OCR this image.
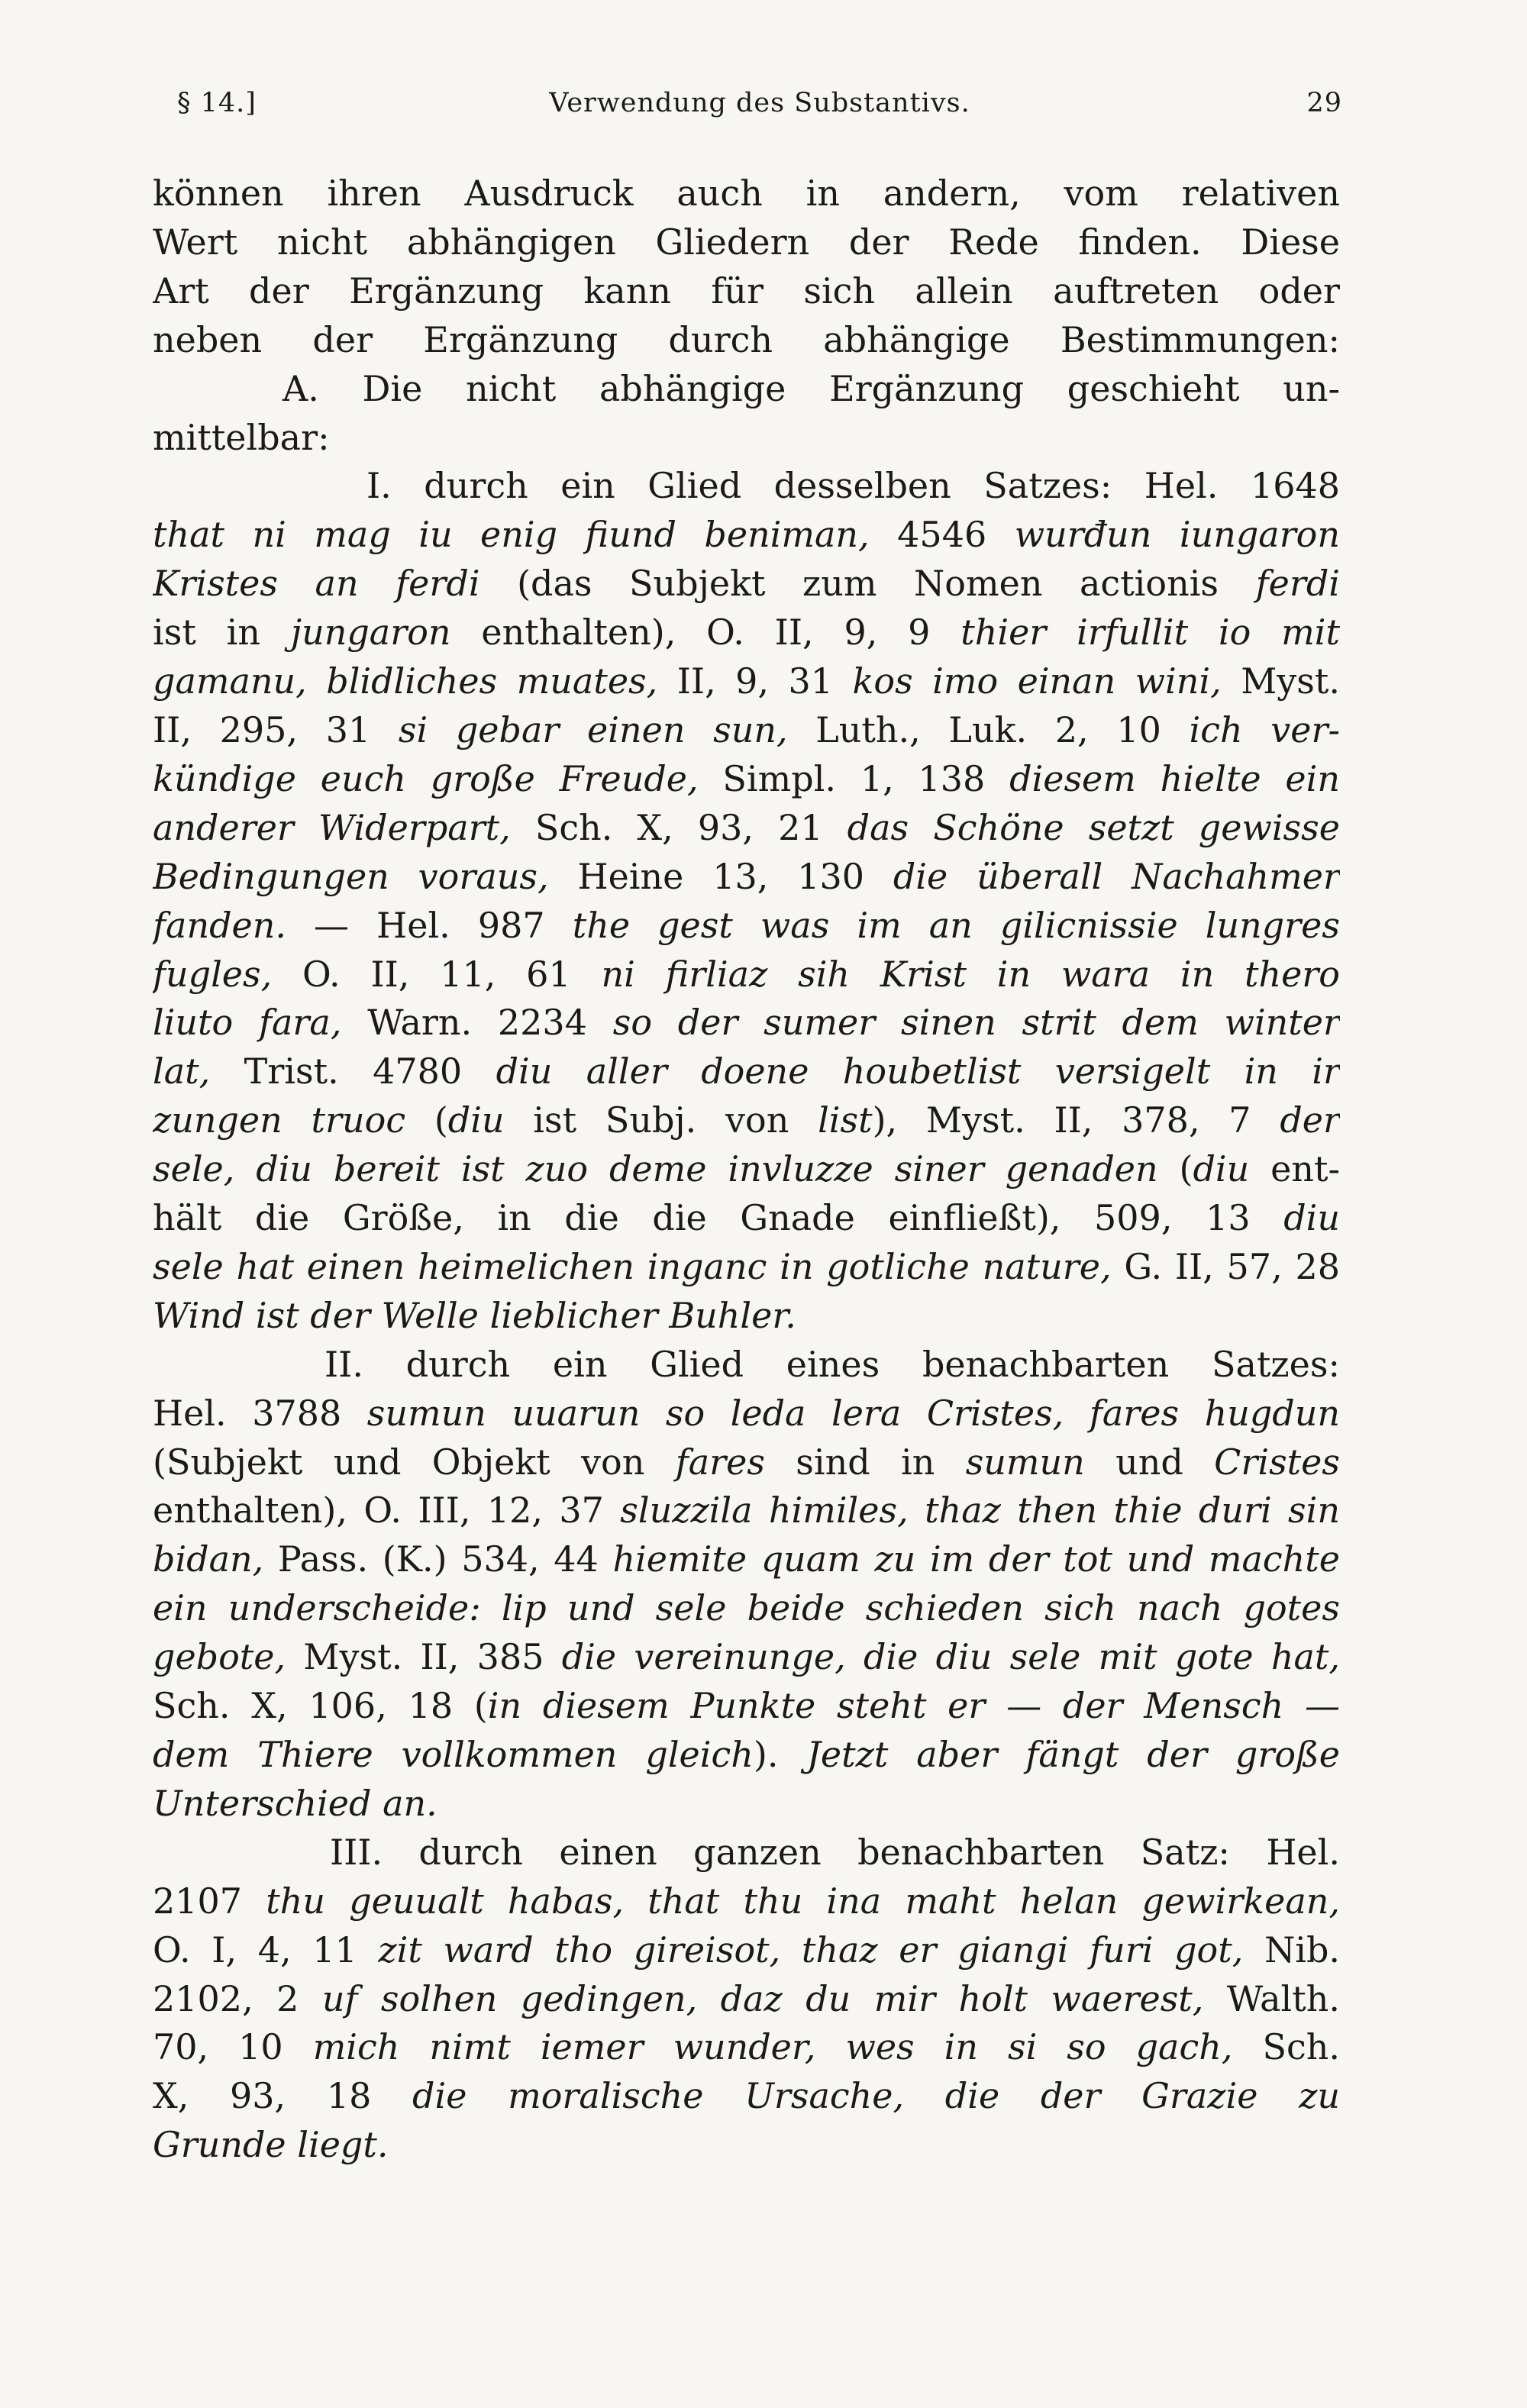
§ 14.]	Verwendung des Substantivs.	29
können ihren Ausdruck auch in andern, vom relativen
Wert nicht abhängigen Gliedern der Rede finden. Diese
Art der Ergänzung kann für sich allein auftreten oder
neben der Ergänzung durch abhängige Bestimmungen:
A. Die nicht abhängige Ergänzung geschieht un-
mittelbar:
I. durch ein Glied desselben Satzes: Hel. 1648
that ni mag iu enig fiund beniman, 4546 wurđun iungaron
Kristes an ferdi (das Subjekt zum Nomen actionis ferdi
ist in jungaron enthalten), O. II, 9, 9 thier irfullit io mit
gamanu, blidliches muates, II, 9, 31 kos imo einan wini, Myst.
II, 295, 31 si gebar einen sun, Luth., Luk. 2, 10 ich ver-
kündige euch große Freude, Simpl. 1, 138 diesem hielte ein
anderer Widerpart, Sch. X, 93, 21 das Schöne setzt gewisse
Bedingungen voraus, Heine 13, 130 die überall Nachahmer
fanden. — Hel. 987 the gest was im an gilicnissie lungres
fugles, O. II, 11, 61 ni firliaz sih Krist in wara in thero
liuto fara, Warn. 2234 so der sumer sinen strit dem winter
lat, Trist. 4780 diu aller doene houbetlist versigelt in ir
zungen truoc (diu ist Subj. von list), Myst. II, 378, 7 der
sele, diu bereit ist zuo deme invluzze siner genaden (diu ent-
hält die Größe, in die die Gnade einfließt), 509, 13 diu
sele hat einen heimelichen inganc in gotliche nature, G. II, 57, 28
Wind ist der Welle lieblicher Buhler.
II. durch ein Glied eines benachbarten Satzes:
Hel. 3788 sumun uuarun so leda lera Cristes, fares hugdun
(Subjekt und Objekt von fares sind in sumun und Cristes
enthalten), O. III, 12, 37 sluzzila himiles, thaz then thie duri sin
bidan, Pass. (K.) 534, 44 hiemite quam zu im der tot und machte
ein underscheide: lip und sele beide schieden sich nach gotes
gebote, Myst. II, 385 die vereinunge, die diu sele mit gote hat,
Sch. X, 106, 18 (in diesem Punkte steht er — der Mensch —
dem Thiere vollkommen gleich). Jetzt aber fängt der große
Unterschied an.
III. durch einen ganzen benachbarten Satz: Hel.
2107 thu geuualt habas, that thu ina maht helan gewirkean,
O. I, 4, 11 zit ward tho gireisot, thaz er giangi furi got, Nib.
2102, 2 uf solhen gedingen, daz du mir holt waerest, Walth.
70, 10 mich nimt iemer wunder, wes in si so gach, Sch.
X, 93, 18 die moralische Ursache, die der Grazie zu
Grunde liegt.
